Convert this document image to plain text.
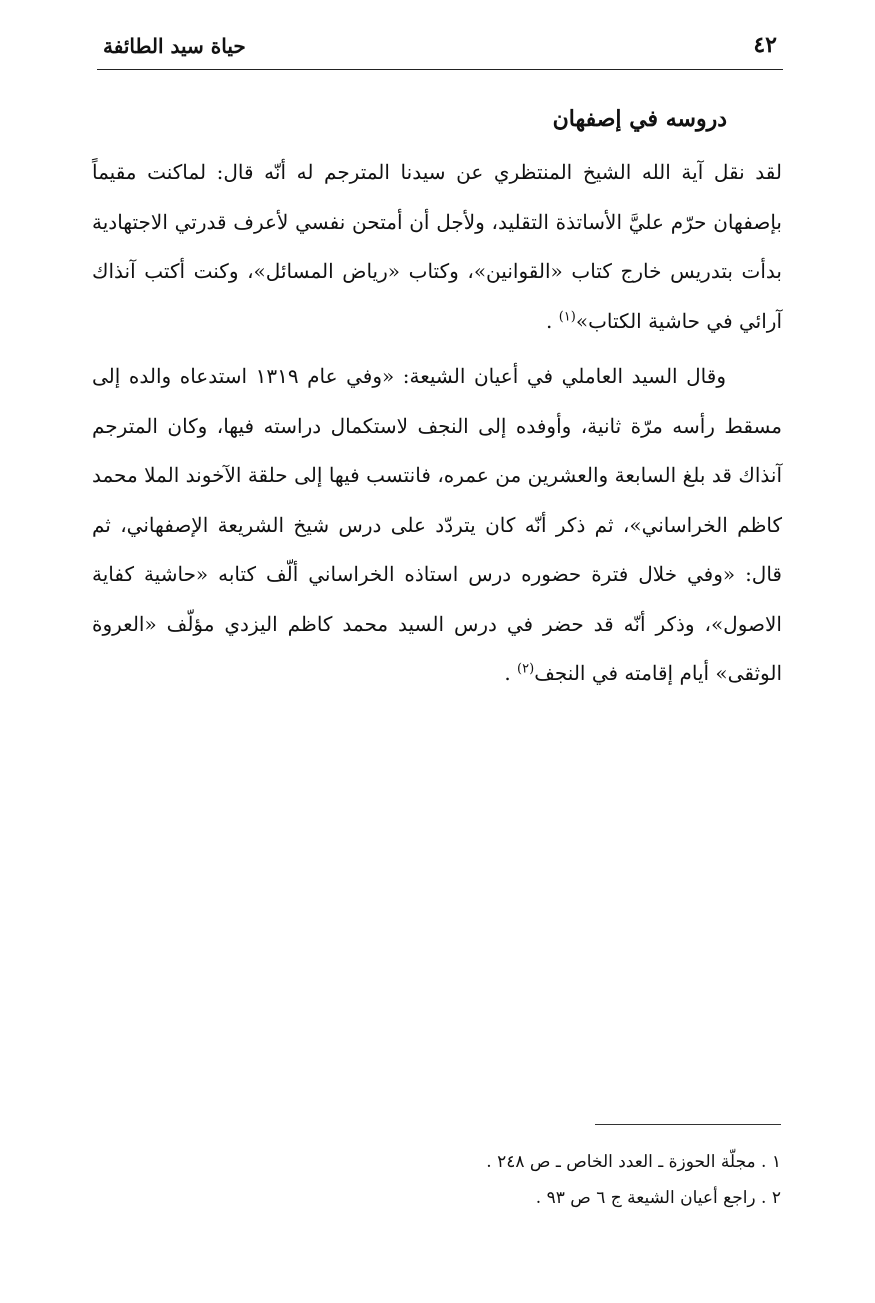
٤٢
حياة سيد الطائفة
دروسه في إصفهان

لقد نقل آية الله الشيخ المنتظري عن سيدنا المترجم له أنّه قال: لماكنت مقيماً بإصفهان حرّم عليَّ الأساتذة التقليد، ولأجل أن أمتحن نفسي لأعرف قدرتي الاجتهادية بدأت بتدريس خارج كتاب «القوانين»، وكتاب «رياض المسائل»، وكنت أكتب آنذاك آرائي في حاشية الكتاب»$^{(١)}$ .

وقال السيد العاملي في أعيان الشيعة: «وفي عام ١٣١٩ استدعاه والده إلى مسقط رأسه مرّة ثانية، وأوفده إلى النجف لاستكمال دراسته فيها، وكان المترجم آنذاك قد بلغ السابعة والعشرين من عمره، فانتسب فيها إلى حلقة الآخوند الملا محمد كاظم الخراساني»، ثم ذكر أنّه كان يتردّد على درس شيخ الشريعة الإصفهاني، ثم قال: «وفي خلال فترة حضوره درس استاذه الخراساني ألّف كتابه «حاشية كفاية الاصول»، وذكر أنّه قد حضر في درس السيد محمد كاظم اليزدي مؤلّف «العروة الوثقى» أيام إقامته في النجف$^{(٢)}$ .

١ . مجلّة الحوزة ـ العدد الخاص ـ ص ٢٤٨ .

٢ . راجع أعيان الشيعة ج ٦ ص ٩٣ .
